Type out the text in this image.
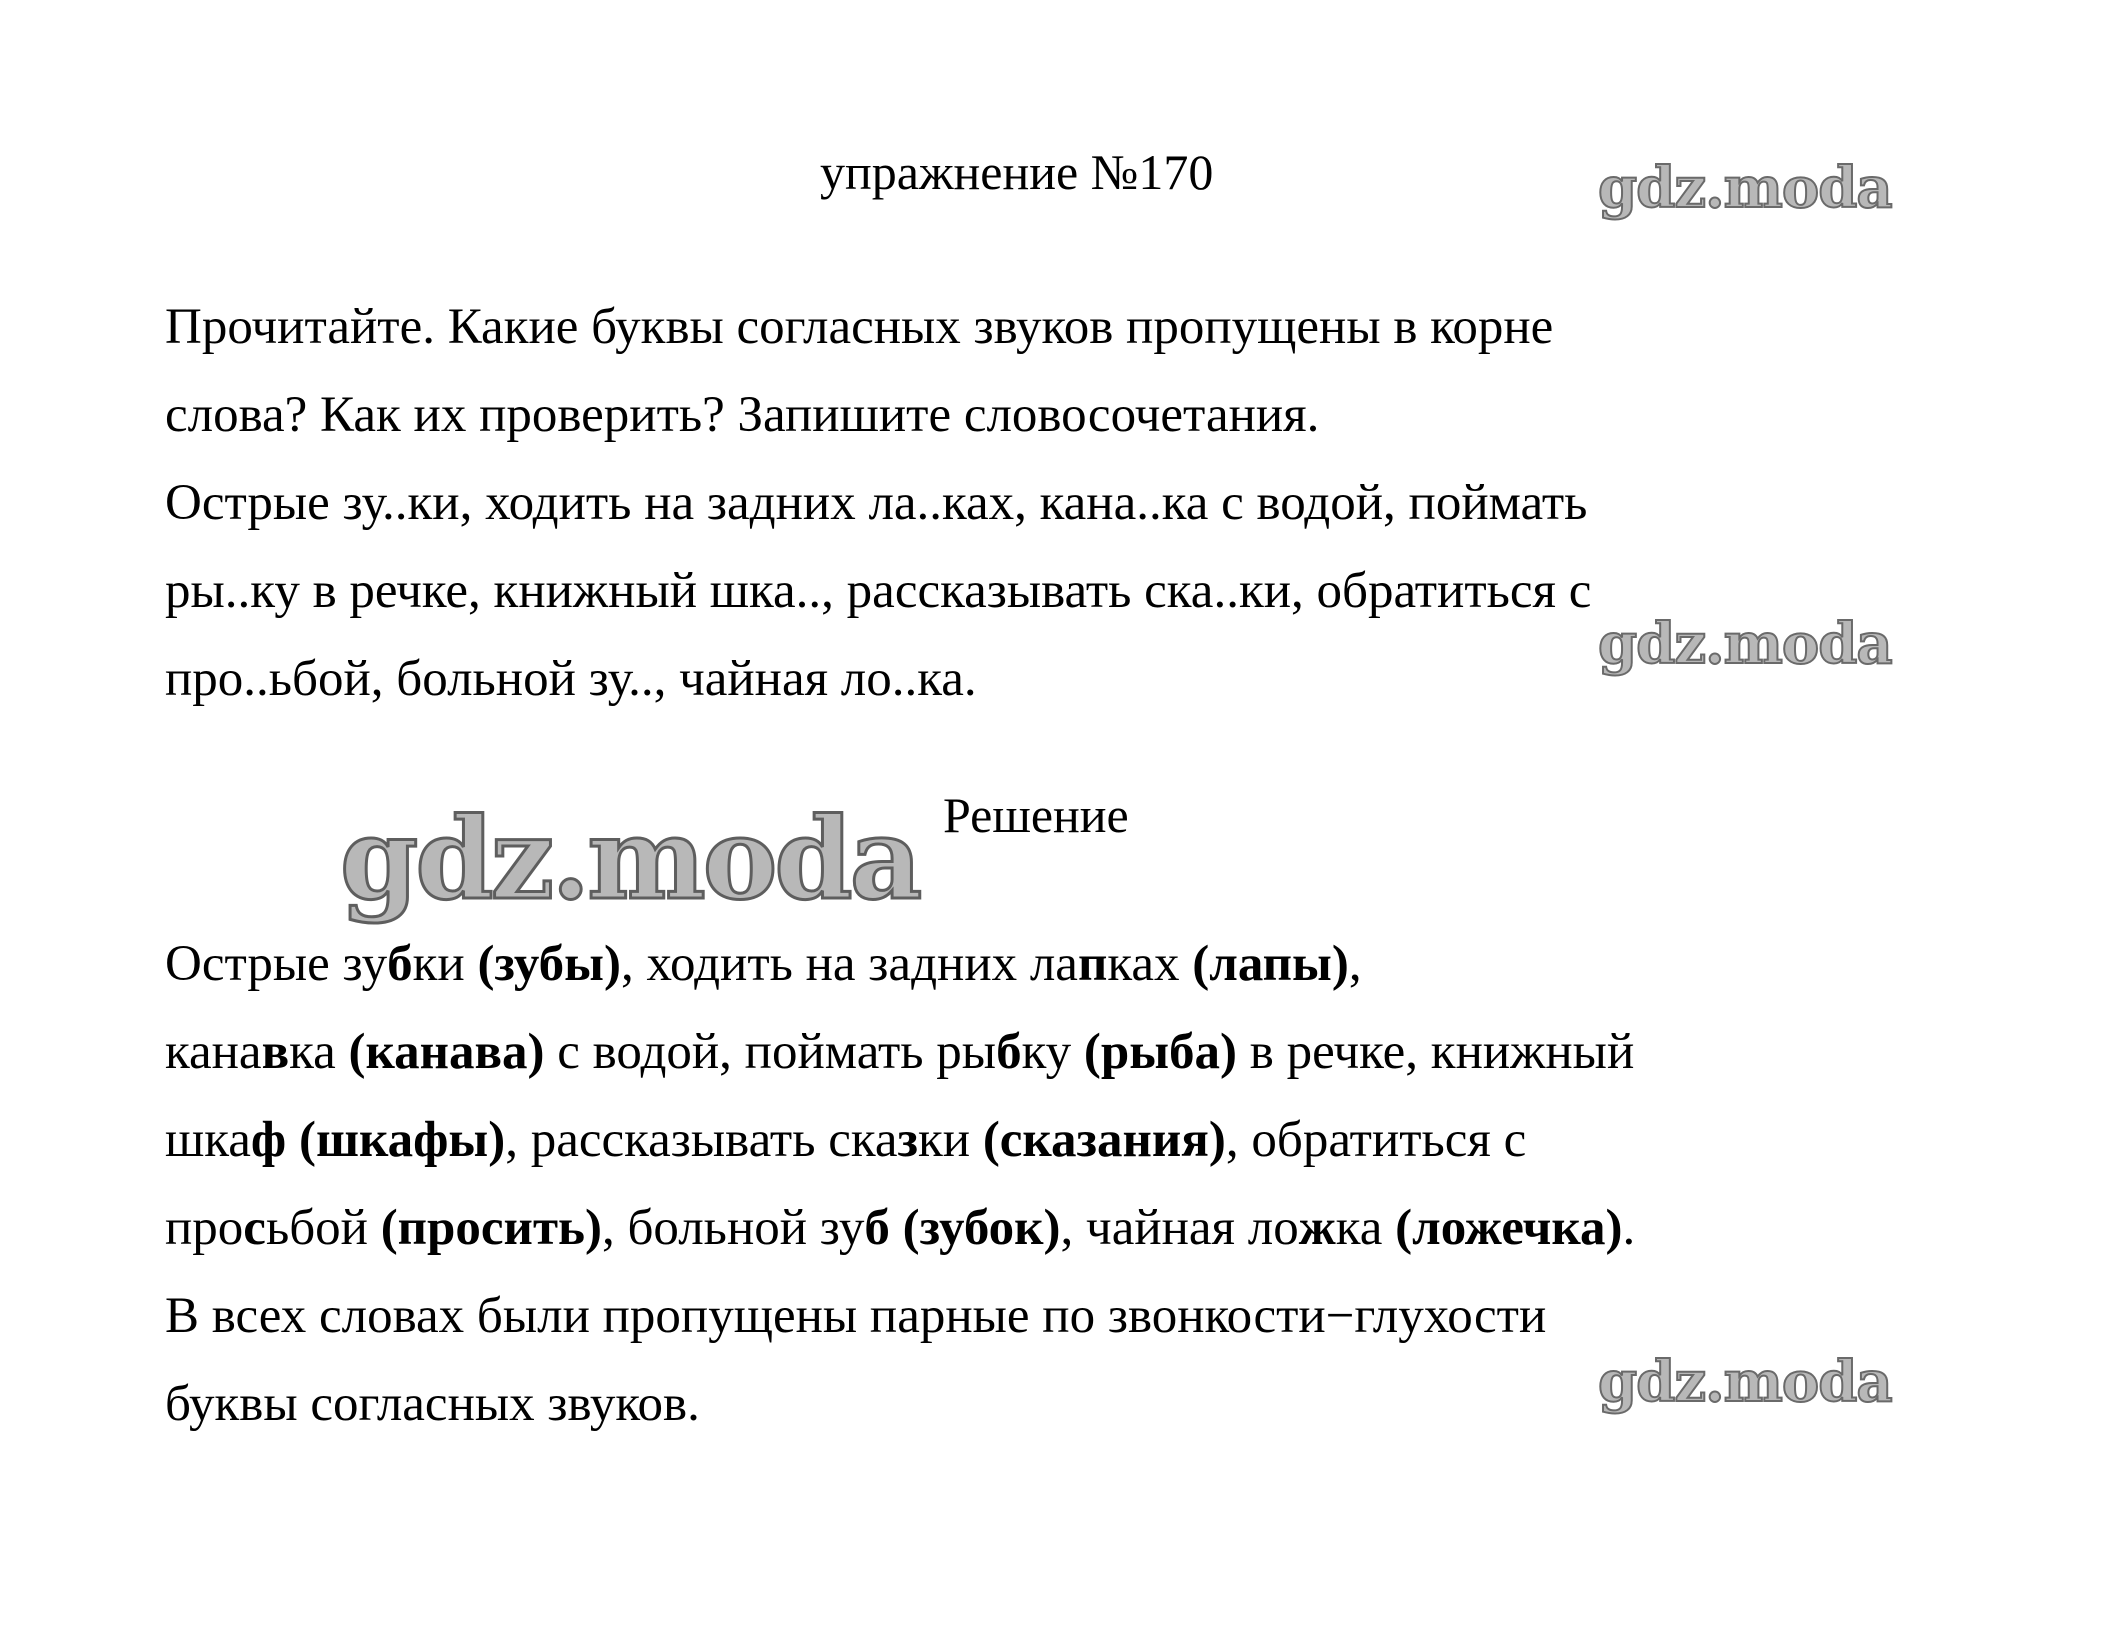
упражнение №170	gdz.moda
Прочитайте. Какие буквы согласных звуков пропущены в корне
слова? Как их проверить? Запишите словосочетания.
Острые зу..ки, ходить на задних ла..ках, кана..ка с водой, поймать
ры..ку в речке, книжный шка.., рассказывать ска..ки, обратиться с
про..ьбой, больной зу.., чайная ло..ка.
gdz.moda
gdz.moda Решение
Острые зубки (зубы), ходить на задних лапках (лапы),
канавка (канава) с водой, поймать рыбку (рыба) в речке, книжный
шкаф (шкафы), рассказывать сказки (сказания), обратиться с
просьбой (просить), больной зуб (зубок), чайная ложка (ложечка).
В всех словах были пропущены парные по звонкости−глухости
буквы согласных звуков.	gdz.moda
